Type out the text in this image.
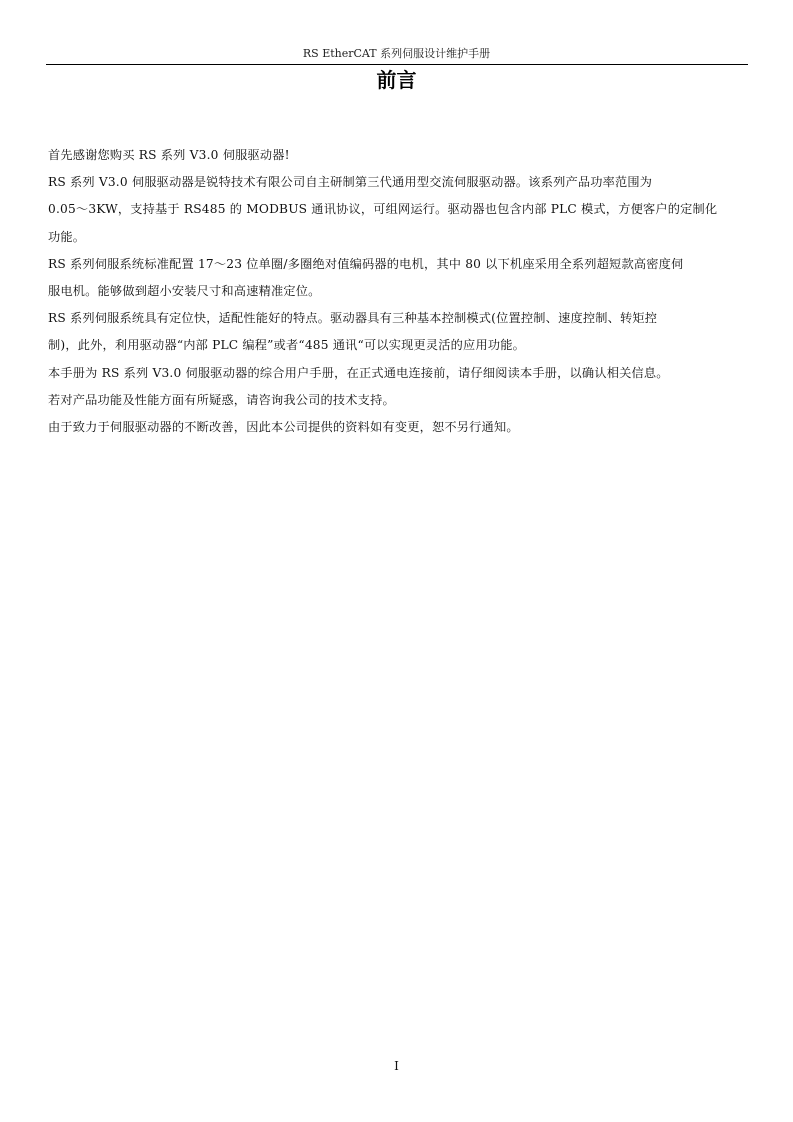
RS EtherCAT 系列伺服设计维护手册
前言

首先感谢您购买 RS 系列 V3.0 伺服驱动器!

RS 系列 V3.0 伺服驱动器是锐特技术有限公司自主研制第三代通用型交流伺服驱动器。该系列产品功率范围为

0.05～3KW，支持基于 RS485 的 MODBUS 通讯协议，可组网运行。驱动器也包含内部 PLC 模式，方便客户的定制化

功能。

RS 系列伺服系统标准配置 17～23 位单圈/多圈绝对值编码器的电机，其中 80 以下机座采用全系列超短款高密度伺

服电机。能够做到超小安装尺寸和高速精准定位。

RS 系列伺服系统具有定位快，适配性能好的特点。驱动器具有三种基本控制模式(位置控制、速度控制、转矩控

制)，此外，利用驱动器“内部 PLC 编程”或者“485 通讯“可以实现更灵活的应用功能。

本手册为 RS 系列 V3.0 伺服驱动器的综合用户手册，在正式通电连接前，请仔细阅读本手册，以确认相关信息。

若对产品功能及性能方面有所疑惑，请咨询我公司的技术支持。

由于致力于伺服驱动器的不断改善，因此本公司提供的资料如有变更，恕不另行通知。

I
